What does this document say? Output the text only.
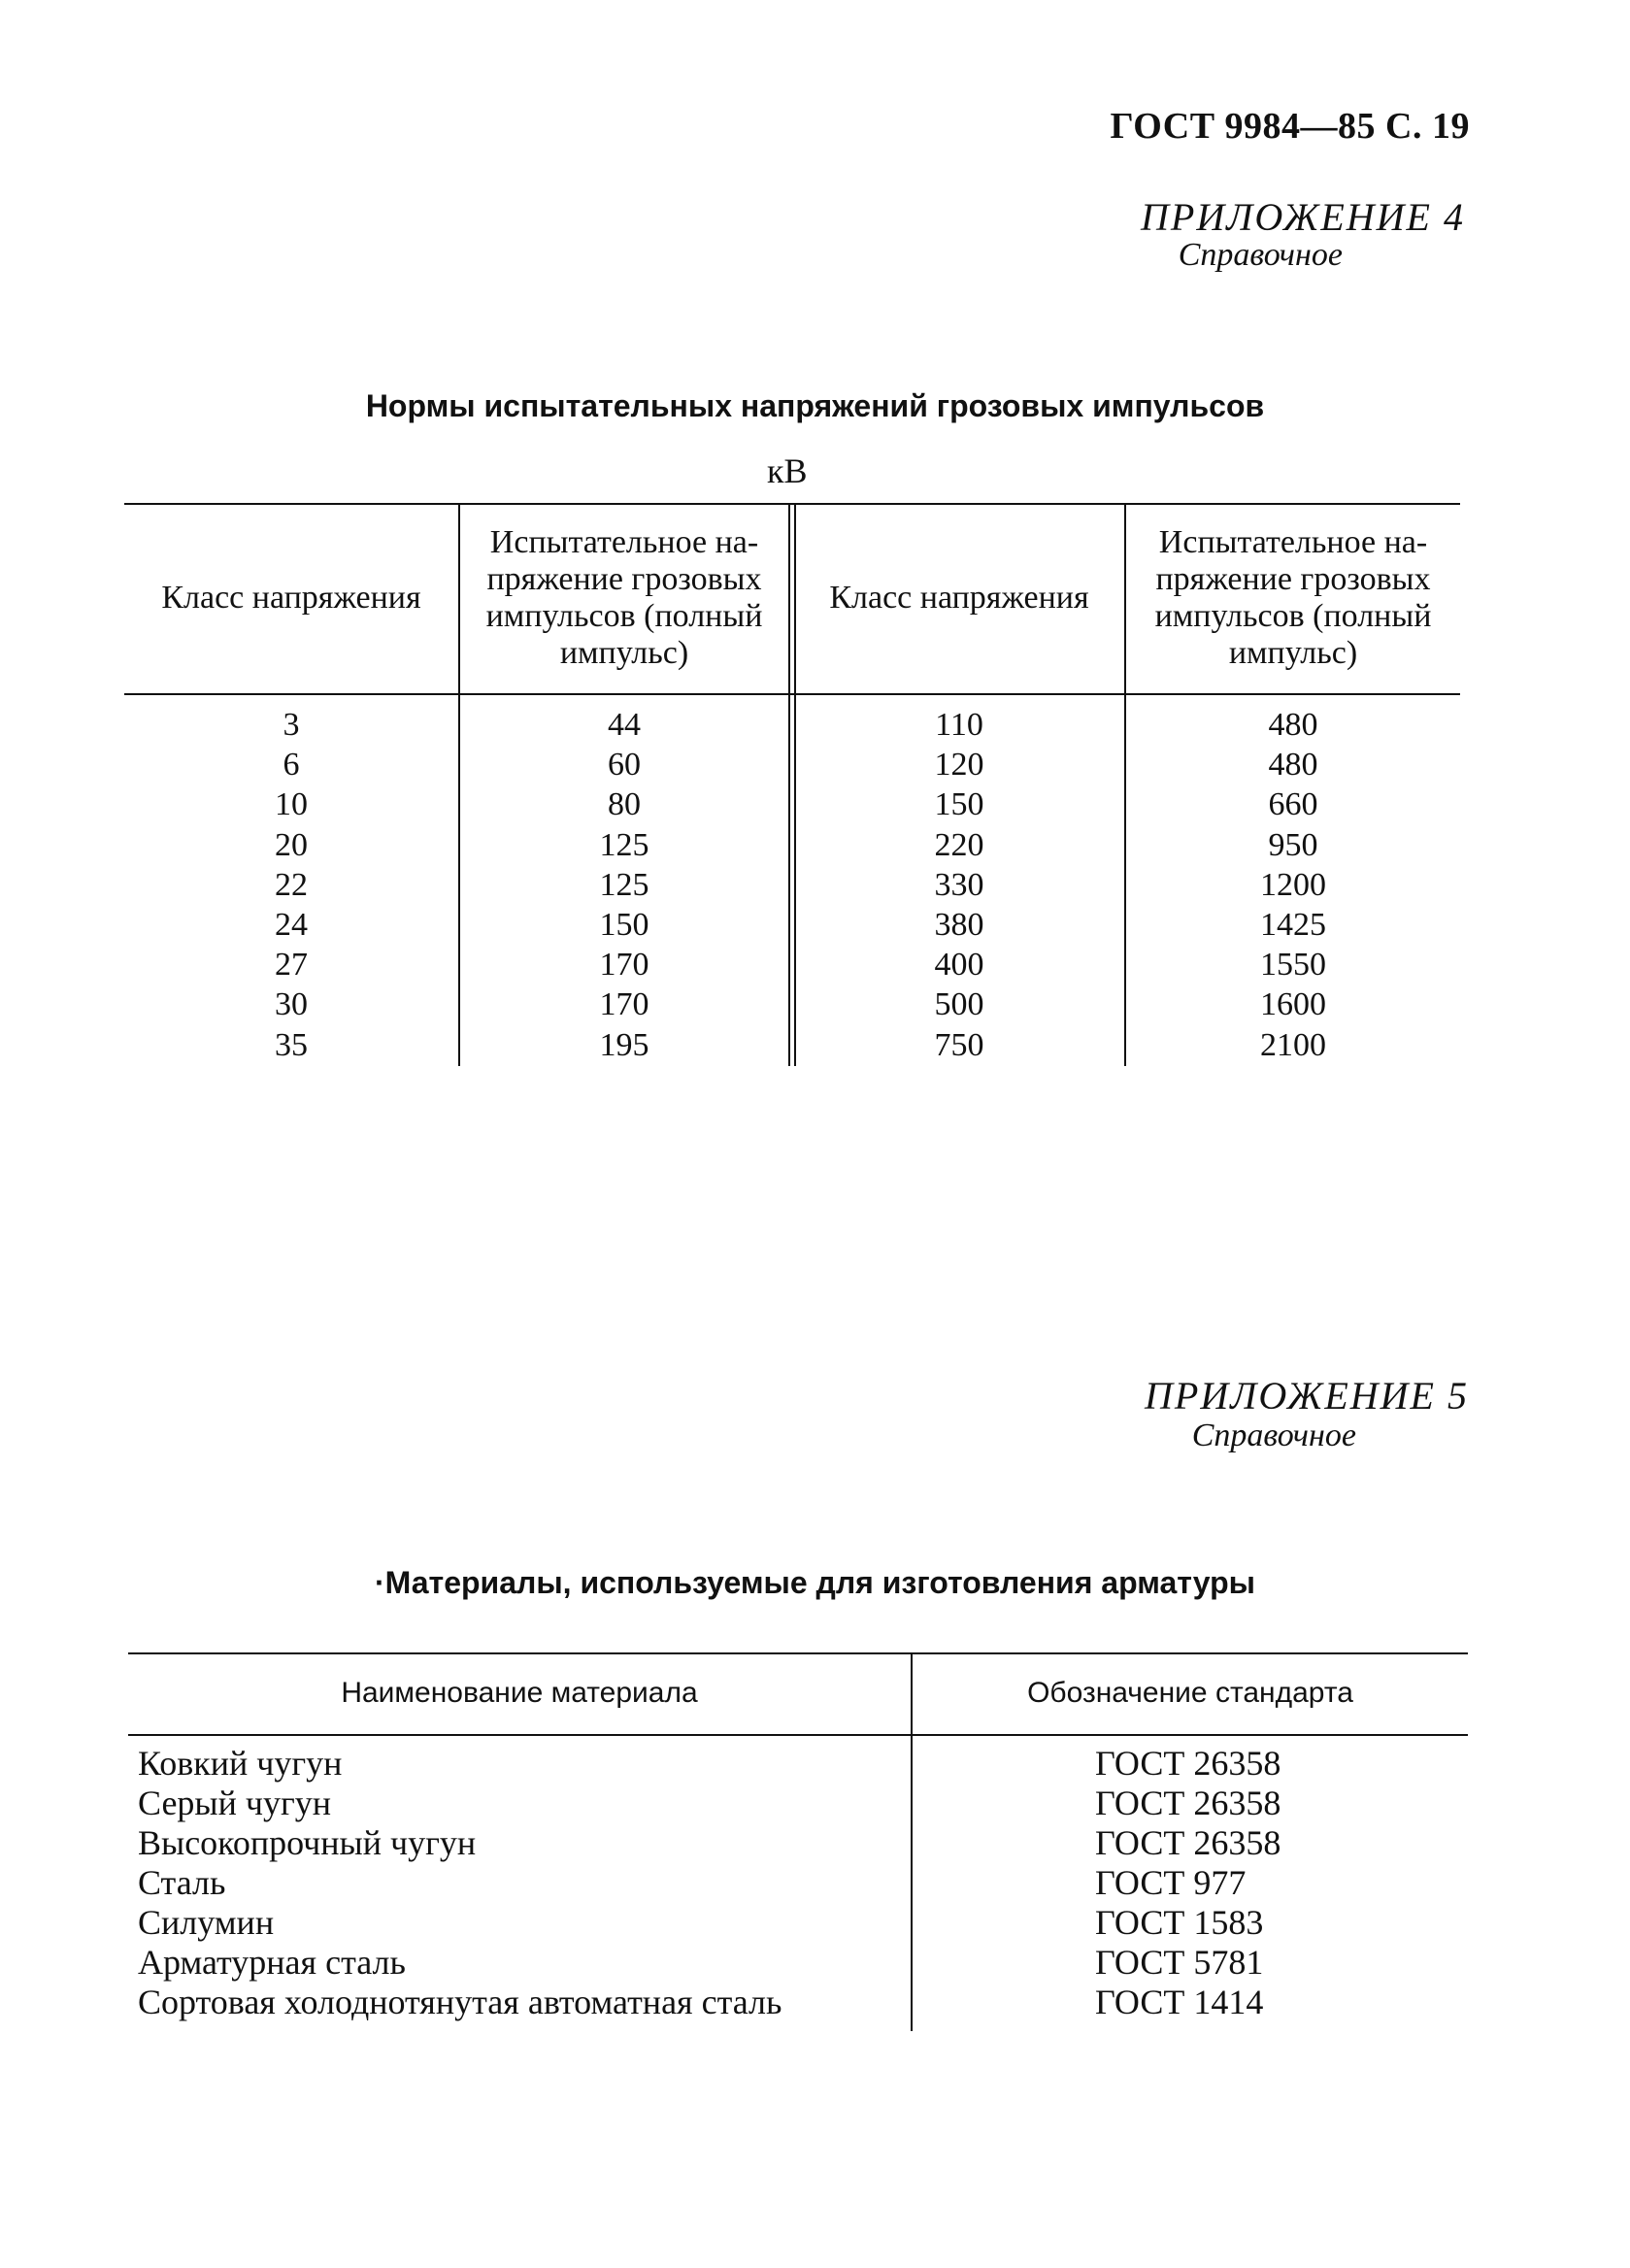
ГОСТ 9984—85 С. 19
ПРИЛОЖЕНИЕ 4
Справочное
Нормы испытательных напряжений грозовых импульсов
кВ
Класс напряжения
Испытательное на-
пряжение грозовых
импульсов (полный
импульс)
Класс напряжения
Испытательное на-
пряжение грозовых
импульсов (полный
импульс)
3
6
10
20
22
24
27
30
35
44
60
80
125
125
150
170
170
195
110
120
150
220
330
380
400
500
750
480
480
660
950
1200
1425
1550
1600
2100
ПРИЛОЖЕНИЕ 5
Справочное
·Материалы, используемые для изготовления арматуры
Наименование материала	Обозначение стандарта
Ковкий чугун
Серый чугун
Высокопрочный чугун
Сталь
Силумин
Арматурная сталь
Сортовая холоднотянутая автоматная сталь
ГОСТ 26358
ГОСТ 26358
ГОСТ 26358
ГОСТ 977
ГОСТ 1583
ГОСТ 5781
ГОСТ 1414
